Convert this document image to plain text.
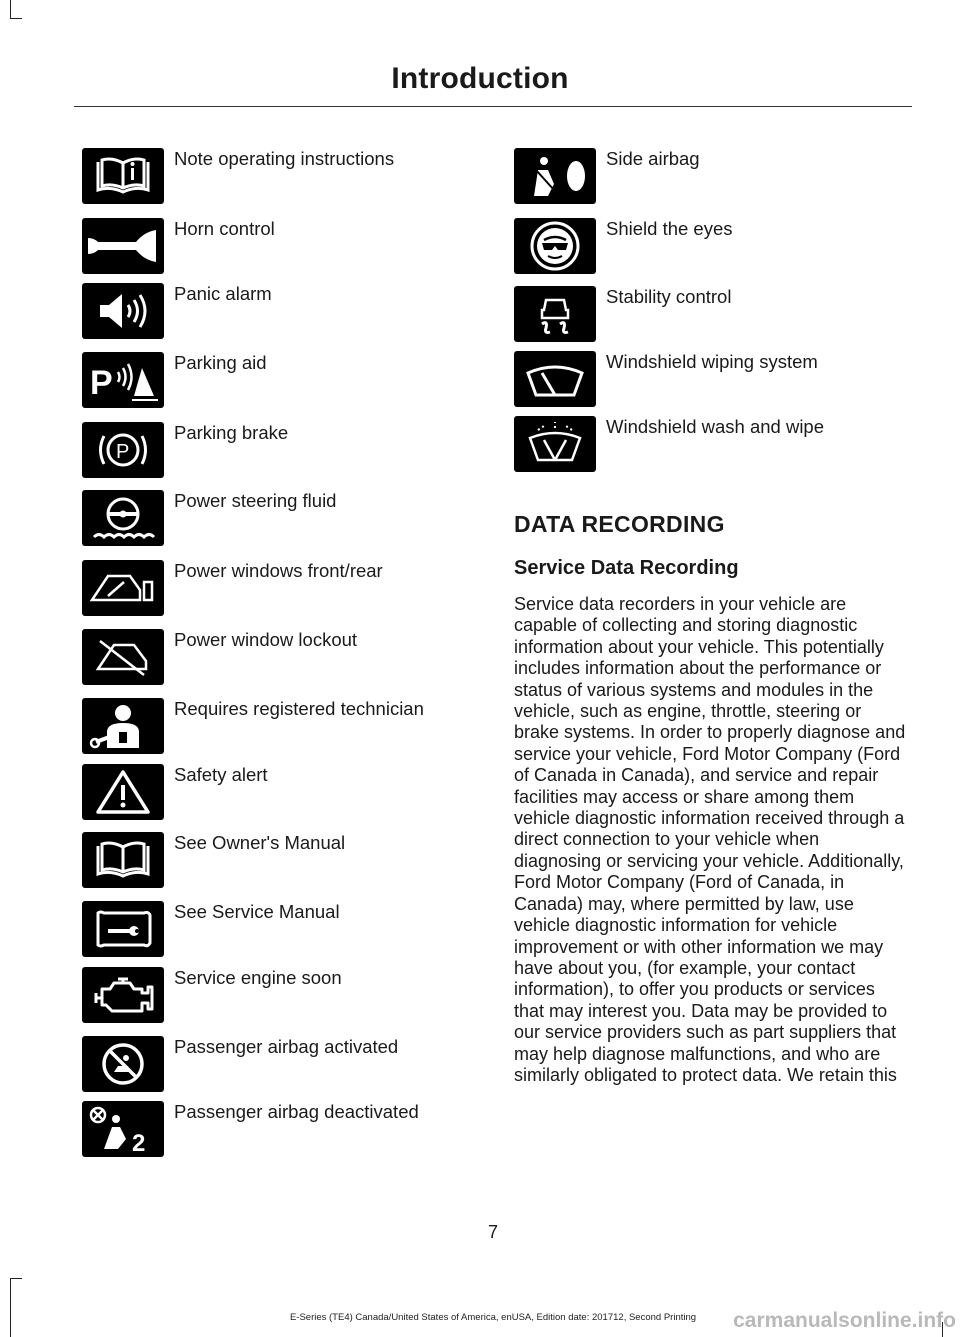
Introduction
Note operating instructions
Horn control
Panic alarm
P
Parking aid
P
Parking brake
Power steering fluid
Power windows front/rear
Power window lockout
Requires registered technician
Safety alert
See Owner's Manual
See Service Manual
Service engine soon
Passenger airbag activated
2
Passenger airbag deactivated
Side airbag
Shield the eyes
Stability control
Windshield wiping system
Windshield wash and wipe
DATA RECORDING
Service Data Recording
Service data recorders in your vehicle are capable of collecting and storing diagnostic information about your vehicle. This potentially includes information about the performance or status of various systems and modules in the vehicle, such as engine, throttle, steering or brake systems. In order to properly diagnose and service your vehicle, Ford Motor Company (Ford of Canada in Canada), and service and repair facilities may access or share among them vehicle diagnostic information received through a direct connection to your vehicle when diagnosing or servicing your vehicle. Additionally, Ford Motor Company (Ford of Canada, in Canada) may, where permitted by law, use vehicle diagnostic information for vehicle improvement or with other information we may have about you, (for example, your contact information), to offer you products or services that may interest you. Data may be provided to our service providers such as part suppliers that may help diagnose malfunctions, and who are similarly obligated to protect data. We retain this
7
E-Series (TE4) Canada/United States of America, enUSA, Edition date: 201712, Second Printing	carmanualsonline.info
